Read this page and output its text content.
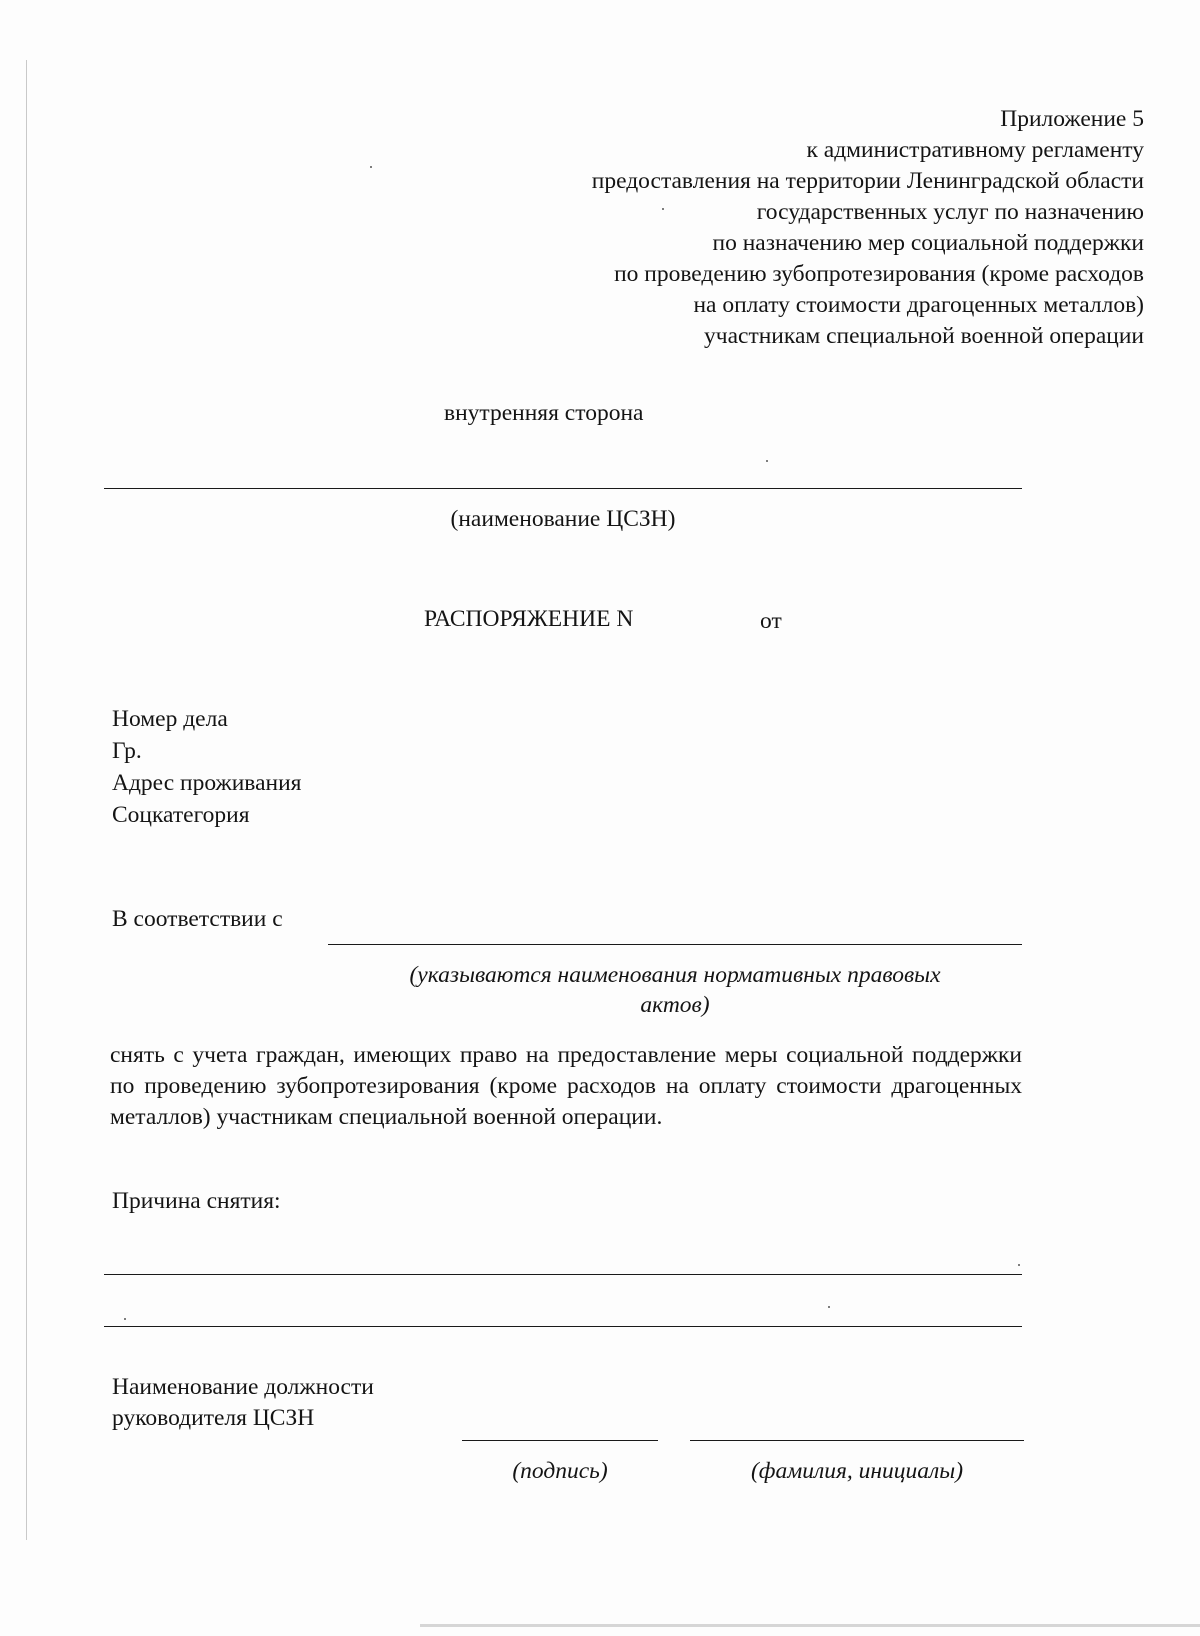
Приложение 5
к административному регламенту
предоставления на территории Ленинградской области
государственных услуг по назначению
по назначению мер социальной поддержки
по проведению зубопротезирования (кроме расходов
на оплату стоимости драгоценных металлов)
участникам специальной военной операции
внутренняя сторона
(наименование ЦСЗН)
РАСПОРЯЖЕНИЕ N	от
Номер дела
Гр.
Адрес проживания
Соцкатегория
В соответствии с
(указываются наименования нормативных правовых
актов)
снять с учета граждан, имеющих право на предоставление меры социальной поддержки по проведению зубопротезирования (кроме расходов на оплату стоимости драгоценных металлов) участникам специальной военной операции.
Причина снятия:
Наименование должности
руководителя ЦСЗН
(подпись)	(фамилия, инициалы)
